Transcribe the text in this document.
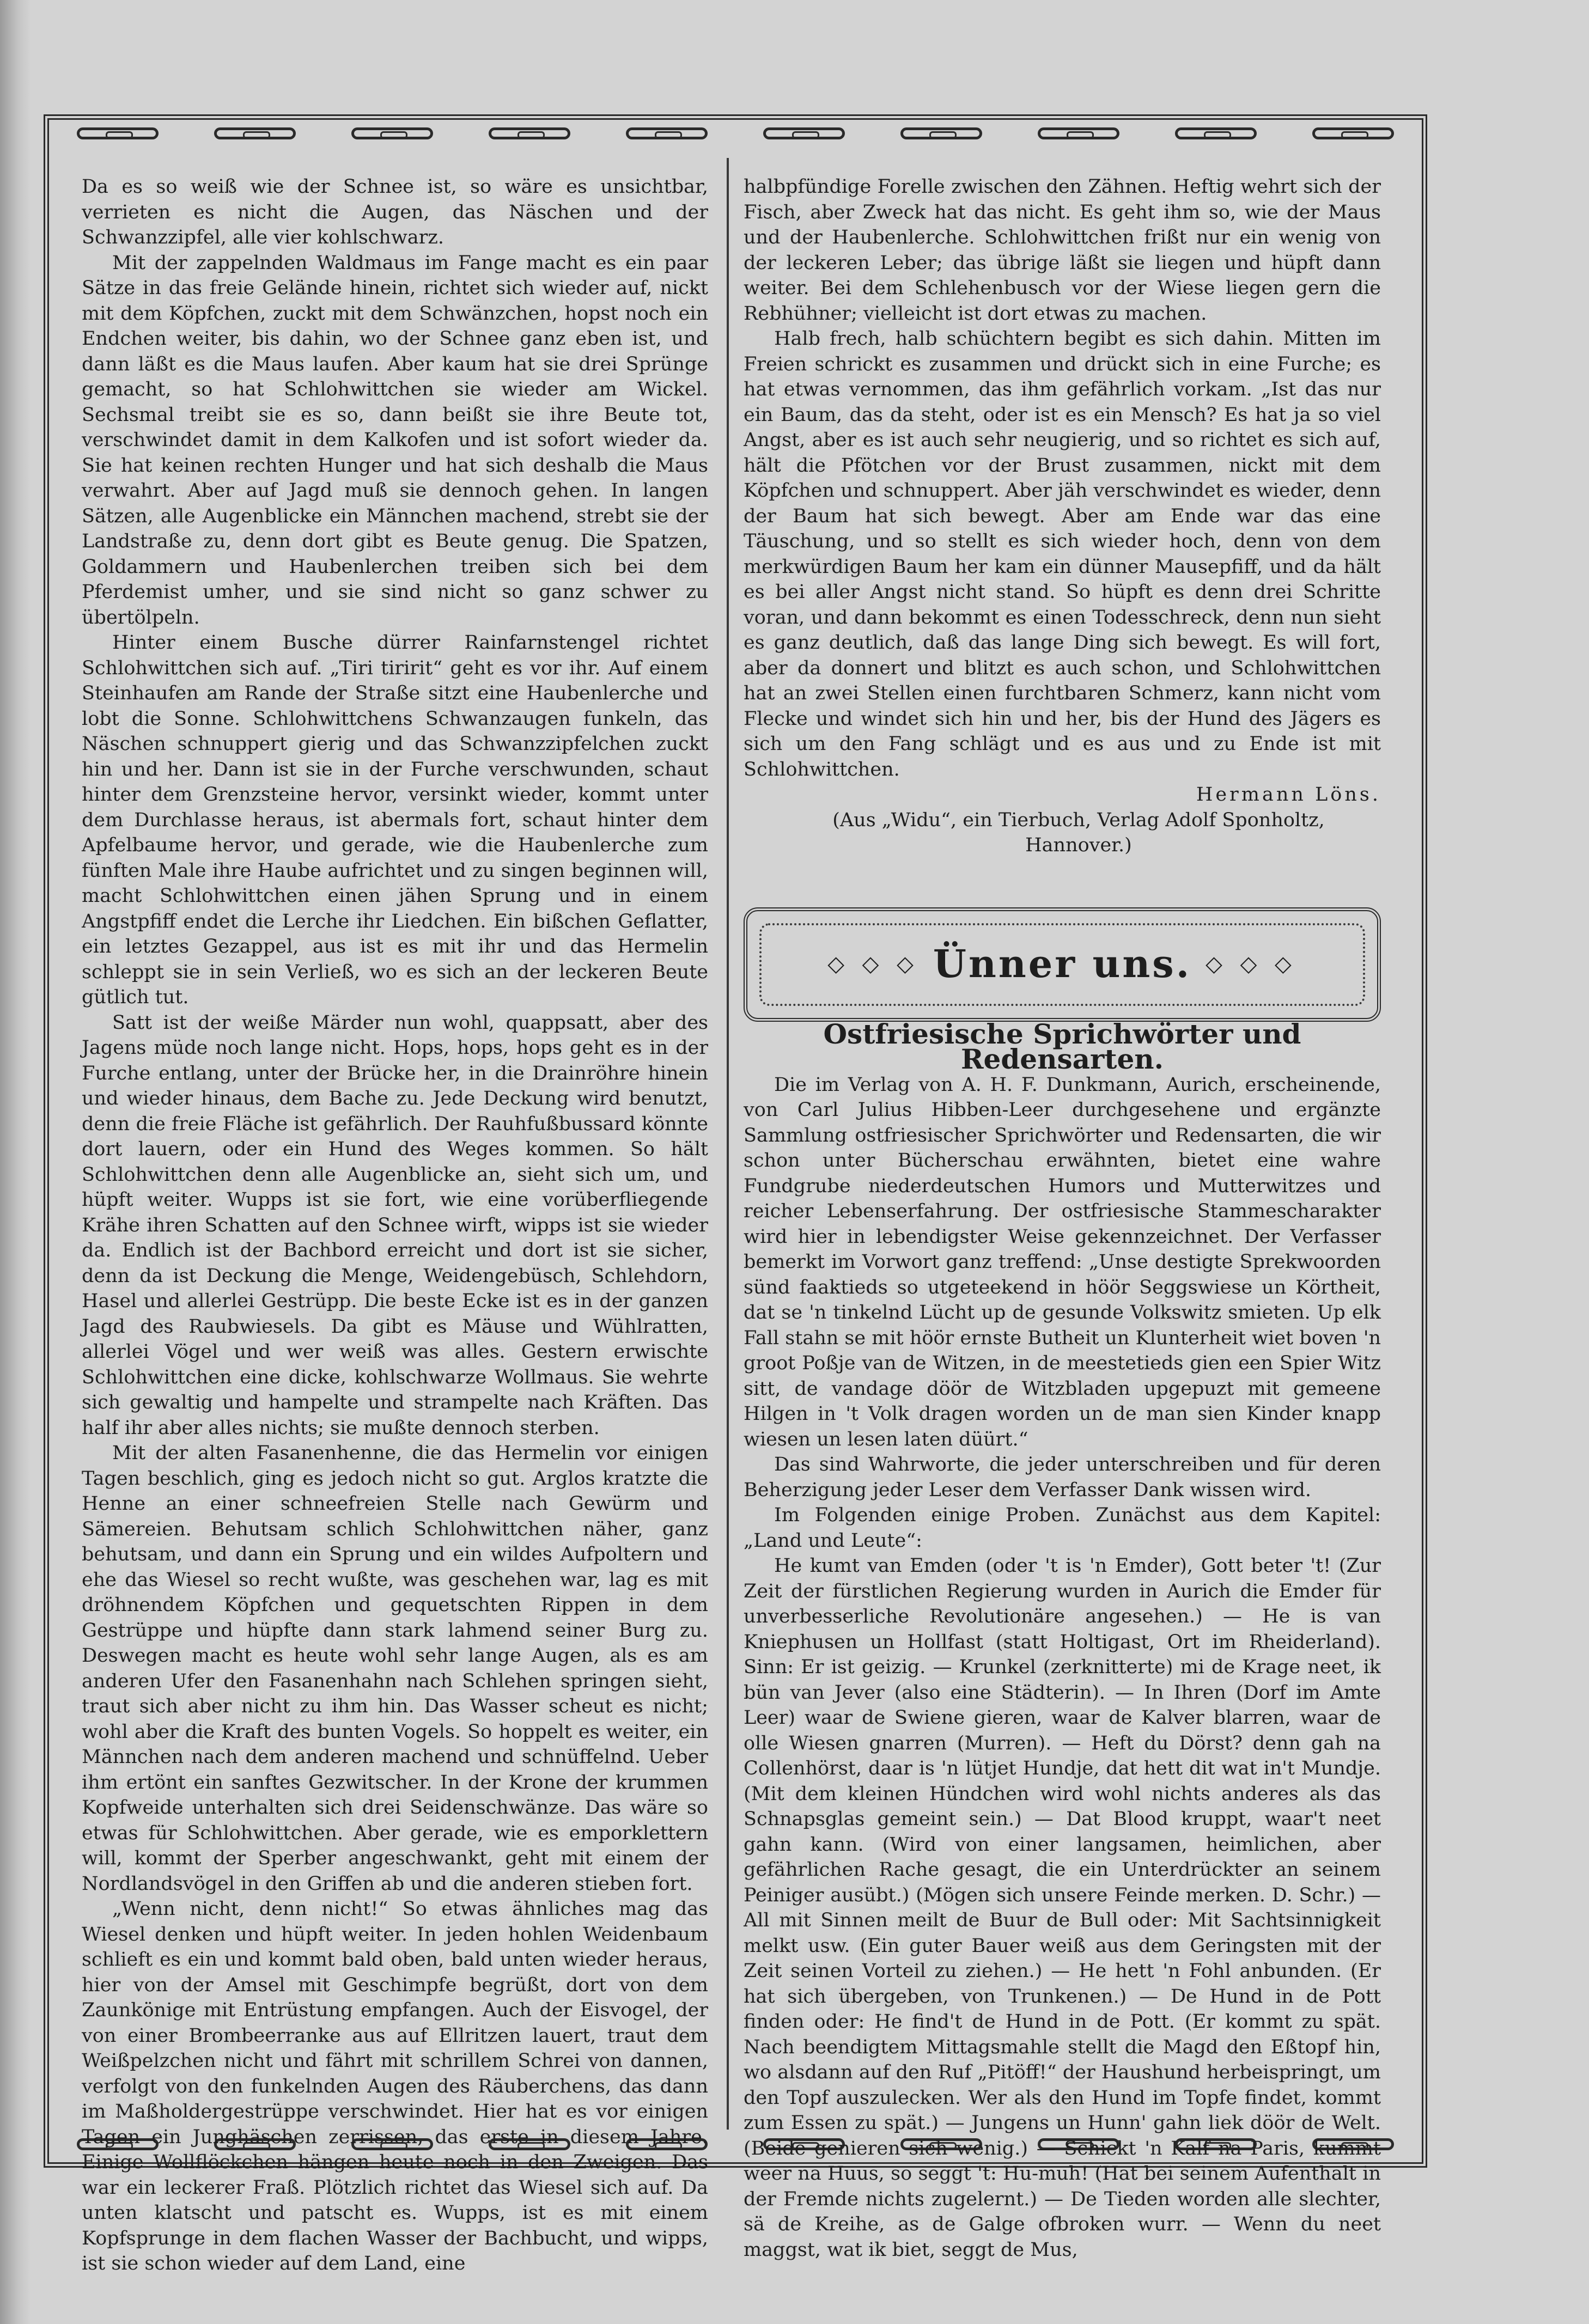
Da es so weiß wie der Schnee ist, so wäre es unsichtbar, verrieten es nicht die Augen, das Näschen und der Schwanzzipfel, alle vier kohlschwarz.

Mit der zappelnden Waldmaus im Fange macht es ein paar Sätze in das freie Gelände hinein, richtet sich wieder auf, nickt mit dem Köpfchen, zuckt mit dem Schwänzchen, hopst noch ein Endchen weiter, bis dahin, wo der Schnee ganz eben ist, und dann läßt es die Maus laufen. Aber kaum hat sie drei Sprünge gemacht, so hat Schlohwittchen sie wieder am Wickel. Sechsmal treibt sie es so, dann beißt sie ihre Beute tot, verschwindet damit in dem Kalkofen und ist sofort wieder da. Sie hat keinen rechten Hunger und hat sich deshalb die Maus verwahrt. Aber auf Jagd muß sie dennoch gehen. In langen Sätzen, alle Augenblicke ein Männchen machend, strebt sie der Landstraße zu, denn dort gibt es Beute genug. Die Spatzen, Goldammern und Haubenlerchen treiben sich bei dem Pferdemist umher, und sie sind nicht so ganz schwer zu übertölpeln.

Hinter einem Busche dürrer Rainfarnstengel richtet Schlohwittchen sich auf. „Tiri tiririt“ geht es vor ihr. Auf einem Steinhaufen am Rande der Straße sitzt eine Haubenlerche und lobt die Sonne. Schlohwittchens Schwanzaugen funkeln, das Näschen schnuppert gierig und das Schwanzzipfelchen zuckt hin und her. Dann ist sie in der Furche verschwunden, schaut hinter dem Grenzsteine hervor, versinkt wieder, kommt unter dem Durchlasse heraus, ist abermals fort, schaut hinter dem Apfelbaume hervor, und gerade, wie die Haubenlerche zum fünften Male ihre Haube aufrichtet und zu singen beginnen will, macht Schlohwittchen einen jähen Sprung und in einem Angstpfiff endet die Lerche ihr Liedchen. Ein bißchen Geflatter, ein letztes Gezappel, aus ist es mit ihr und das Hermelin schleppt sie in sein Verließ, wo es sich an der leckeren Beute gütlich tut.

Satt ist der weiße Märder nun wohl, quappsatt, aber des Jagens müde noch lange nicht. Hops, hops, hops geht es in der Furche entlang, unter der Brücke her, in die Drainröhre hinein und wieder hinaus, dem Bache zu. Jede Deckung wird benutzt, denn die freie Fläche ist gefährlich. Der Rauhfußbussard könnte dort lauern, oder ein Hund des Weges kommen. So hält Schlohwittchen denn alle Augenblicke an, sieht sich um, und hüpft weiter. Wupps ist sie fort, wie eine vorüberfliegende Krähe ihren Schatten auf den Schnee wirft, wipps ist sie wieder da. Endlich ist der Bachbord erreicht und dort ist sie sicher, denn da ist Deckung die Menge, Weidengebüsch, Schlehdorn, Hasel und allerlei Gestrüpp. Die beste Ecke ist es in der ganzen Jagd des Raubwiesels. Da gibt es Mäuse und Wühlratten, allerlei Vögel und wer weiß was alles. Gestern erwischte Schlohwittchen eine dicke, kohlschwarze Wollmaus. Sie wehrte sich gewaltig und hampelte und strampelte nach Kräften. Das half ihr aber alles nichts; sie mußte dennoch sterben.

Mit der alten Fasanenhenne, die das Hermelin vor einigen Tagen beschlich, ging es jedoch nicht so gut. Arglos kratzte die Henne an einer schneefreien Stelle nach Gewürm und Sämereien. Behutsam schlich Schlohwittchen näher, ganz behutsam, und dann ein Sprung und ein wildes Aufpoltern und ehe das Wiesel so recht wußte, was geschehen war, lag es mit dröhnendem Köpfchen und gequetschten Rippen in dem Gestrüppe und hüpfte dann stark lahmend seiner Burg zu. Deswegen macht es heute wohl sehr lange Augen, als es am anderen Ufer den Fasanenhahn nach Schlehen springen sieht, traut sich aber nicht zu ihm hin. Das Wasser scheut es nicht; wohl aber die Kraft des bunten Vogels. So hoppelt es weiter, ein Männchen nach dem anderen machend und schnüffelnd. Ueber ihm ertönt ein sanftes Gezwitscher. In der Krone der krummen Kopfweide unterhalten sich drei Seidenschwänze. Das wäre so etwas für Schlohwittchen. Aber gerade, wie es emporklettern will, kommt der Sperber angeschwankt, geht mit einem der Nordlandsvögel in den Griffen ab und die anderen stieben fort.

„Wenn nicht, denn nicht!“ So etwas ähnliches mag das Wiesel denken und hüpft weiter. In jeden hohlen Weidenbaum schlieft es ein und kommt bald oben, bald unten wieder heraus, hier von der Amsel mit Geschimpfe begrüßt, dort von dem Zaunkönige mit Entrüstung empfangen. Auch der Eisvogel, der von einer Brombeerranke aus auf Ellritzen lauert, traut dem Weißpelzchen nicht und fährt mit schrillem Schrei von dannen, verfolgt von den funkelnden Augen des Räuberchens, das dann im Maßholdergestrüppe verschwindet. Hier hat es vor einigen Tagen ein Junghäschen zerrissen, das erste in diesem Jahre. Einige Wollflöckchen hängen heute noch in den Zweigen. Das war ein leckerer Fraß. Plötzlich richtet das Wiesel sich auf. Da unten klatscht und patscht es. Wupps, ist es mit einem Kopfsprunge in dem flachen Wasser der Bachbucht, und wipps, ist sie schon wieder auf dem Land, eine

halbpfündige Forelle zwischen den Zähnen. Heftig wehrt sich der Fisch, aber Zweck hat das nicht. Es geht ihm so, wie der Maus und der Haubenlerche. Schlohwittchen frißt nur ein wenig von der leckeren Leber; das übrige läßt sie liegen und hüpft dann weiter. Bei dem Schlehenbusch vor der Wiese liegen gern die Rebhühner; vielleicht ist dort etwas zu machen.

Halb frech, halb schüchtern begibt es sich dahin. Mitten im Freien schrickt es zusammen und drückt sich in eine Furche; es hat etwas vernommen, das ihm gefährlich vorkam. „Ist das nur ein Baum, das da steht, oder ist es ein Mensch? Es hat ja so viel Angst, aber es ist auch sehr neugierig, und so richtet es sich auf, hält die Pfötchen vor der Brust zusammen, nickt mit dem Köpfchen und schnuppert. Aber jäh verschwindet es wieder, denn der Baum hat sich bewegt. Aber am Ende war das eine Täuschung, und so stellt es sich wieder hoch, denn von dem merkwürdigen Baum her kam ein dünner Mausepfiff, und da hält es bei aller Angst nicht stand. So hüpft es denn drei Schritte voran, und dann bekommt es einen Todesschreck, denn nun sieht es ganz deutlich, daß das lange Ding sich bewegt. Es will fort, aber da donnert und blitzt es auch schon, und Schlohwittchen hat an zwei Stellen einen furchtbaren Schmerz, kann nicht vom Flecke und windet sich hin und her, bis der Hund des Jägers es sich um den Fang schlägt und es aus und zu Ende ist mit Schlohwittchen.

Hermann Löns.

(Aus „Widu“, ein Tierbuch, Verlag Adolf Sponholtz, Hannover.)

◇ ◇ ◇ Ünner uns. ◇ ◇ ◇

Ostfriesische Sprichwörter und Redensarten.

Die im Verlag von A. H. F. Dunkmann, Aurich, erscheinende, von Carl Julius Hibben-Leer durchgesehene und ergänzte Sammlung ostfriesischer Sprichwörter und Redensarten, die wir schon unter Bücherschau erwähnten, bietet eine wahre Fundgrube niederdeutschen Humors und Mutterwitzes und reicher Lebenserfahrung. Der ostfriesische Stammescharakter wird hier in lebendigster Weise gekennzeichnet. Der Verfasser bemerkt im Vorwort ganz treffend: „Unse destigte Sprekwoorden sünd faaktieds so utgeteekend in höör Seggswiese un Körtheit, dat se 'n tinkelnd Lücht up de gesunde Volkswitz smieten. Up elk Fall stahn se mit höör ernste Butheit un Klunterheit wiet boven 'n groot Poßje van de Witzen, in de meestetieds gien een Spier Witz sitt, de vandage döör de Witzbladen upgepuzt mit gemeene Hilgen in 't Volk dragen worden un de man sien Kinder knapp wiesen un lesen laten düürt.“

Das sind Wahrworte, die jeder unterschreiben und für deren Beherzigung jeder Leser dem Verfasser Dank wissen wird.

Im Folgenden einige Proben. Zunächst aus dem Kapitel: „Land und Leute“:

He kumt van Emden (oder 't is 'n Emder), Gott beter 't! (Zur Zeit der fürstlichen Regierung wurden in Aurich die Emder für unverbesserliche Revolutionäre angesehen.) — He is van Kniephusen un Hollfast (statt Holtigast, Ort im Rheiderland). Sinn: Er ist geizig. — Krunkel (zerknitterte) mi de Krage neet, ik bün van Jever (also eine Städterin). — In Ihren (Dorf im Amte Leer) waar de Swiene gieren, waar de Kalver blarren, waar de olle Wiesen gnarren (Murren). — Heft du Dörst? denn gah na Collenhörst, daar is 'n lütjet Hundje, dat hett dit wat in't Mundje. (Mit dem kleinen Hündchen wird wohl nichts anderes als das Schnapsglas gemeint sein.) — Dat Blood kruppt, waar't neet gahn kann. (Wird von einer langsamen, heimlichen, aber gefährlichen Rache gesagt, die ein Unterdrückter an seinem Peiniger ausübt.) (Mögen sich unsere Feinde merken. D. Schr.) — All mit Sinnen meilt de Buur de Bull oder: Mit Sachtsinnigkeit melkt usw. (Ein guter Bauer weiß aus dem Geringsten mit der Zeit seinen Vorteil zu ziehen.) — He hett 'n Fohl anbunden. (Er hat sich übergeben, von Trunkenen.) — De Hund in de Pott finden oder: He find't de Hund in de Pott. (Er kommt zu spät. Nach beendigtem Mittagsmahle stellt die Magd den Eßtopf hin, wo alsdann auf den Ruf „Pitöff!“ der Haushund herbeispringt, um den Topf auszulecken. Wer als den Hund im Topfe findet, kommt zum Essen zu spät.) — Jungens un Hunn' gahn liek döör de Welt. (Beide genieren sich wenig.) — Schickt 'n Kalf na Paris, kummt weer na Huus, so seggt 't: Hu-muh! (Hat bei seinem Aufenthalt in der Fremde nichts zugelernt.) — De Tieden worden alle slechter, sä de Kreihe, as de Galge ofbroken wurr. — Wenn du neet maggst, wat ik biet, seggt de Mus,
